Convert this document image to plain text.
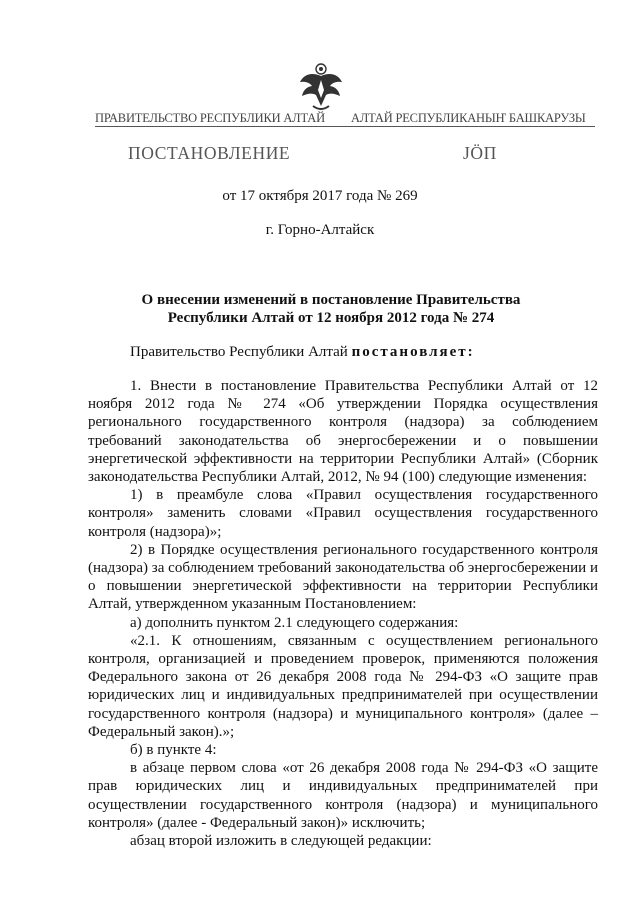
ПРАВИТЕЛЬСТВО РЕСПУБЛИКИ АЛТАЙ АЛТАЙ РЕСПУБЛИКАНЫҤ БАШКАРУЗЫ
ПОСТАНОВЛЕНИЕ	JÖП
от 17 октября 2017 года № 269
г. Горно-Алтайск
О внесении изменений в постановление Правительства
Республики Алтай от 12 ноября 2012 года № 274
Правительство Республики Алтай постановляет:

1. Внести в постановление Правительства Республики Алтай от 12 ноября 2012 года № 274 «Об утверждении Порядка осуществления регионального государственного контроля (надзора) за соблюдением требований законодательства об энергосбережении и о повышении энергетической эффективности на территории Республики Алтай» (Сборник законодательства Республики Алтай, 2012, № 94 (100) следующие изменения:

1) в преамбуле слова «Правил осуществления государственного контроля» заменить словами «Правил осуществления государственного контроля (надзора)»;

2) в Порядке осуществления регионального государственного контроля (надзора) за соблюдением требований законодательства об энергосбережении и о повышении энергетической эффективности на территории Республики Алтай, утвержденном указанным Постановлением:

а) дополнить пунктом 2.1 следующего содержания:

«2.1. К отношениям, связанным с осуществлением регионального контроля, организацией и проведением проверок, применяются положения Федерального закона от 26 декабря 2008 года № 294-ФЗ «О защите прав юридических лиц и индивидуальных предпринимателей при осуществлении государственного контроля (надзора) и муниципального контроля» (далее – Федеральный закон).»;

б) в пункте 4:

в абзаце первом слова «от 26 декабря 2008 года № 294-ФЗ «О защите прав юридических лиц и индивидуальных предпринимателей при осуществлении государственного контроля (надзора) и муниципального контроля» (далее - Федеральный закон)» исключить;

абзац второй изложить в следующей редакции:
